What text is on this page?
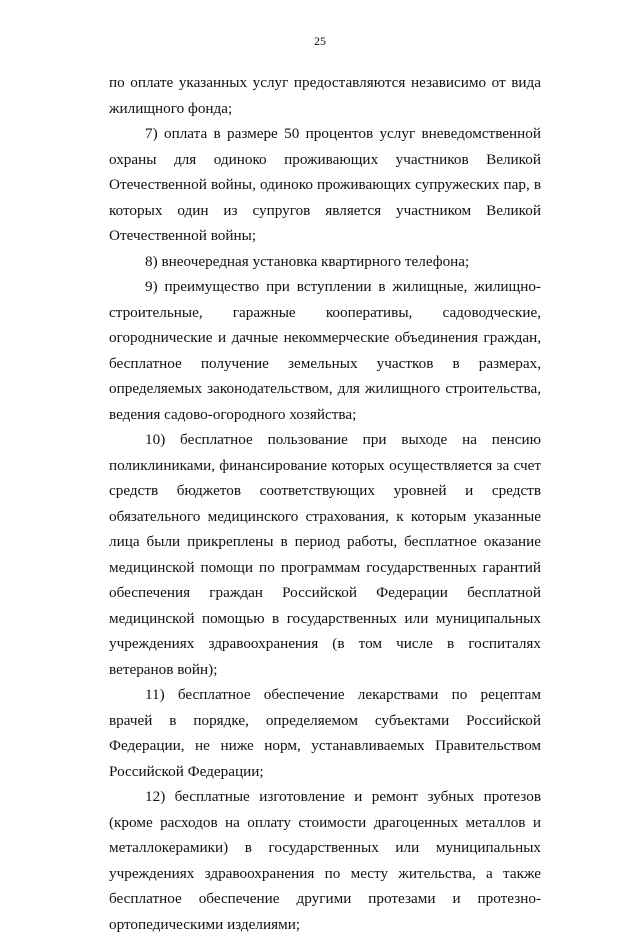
25

по оплате указанных услуг предоставляются независимо от вида жилищного фонда;

7) оплата в размере 50 процентов услуг вневедомственной охраны для одиноко проживающих участников Великой Отечественной войны, одиноко проживающих супружеских пар, в которых один из супругов является участником Великой Отечественной войны;

8) внеочередная установка квартирного телефона;

9) преимущество при вступлении в жилищные, жилищно-строительные, гаражные кооперативы, садоводческие, огороднические и дачные некоммерческие объединения граждан, бесплатное получение земельных участков в размерах, определяемых законодательством, для жилищного строительства, ведения садово-огородного хозяйства;

10) бесплатное пользование при выходе на пенсию поликлиниками, финансирование которых осуществляется за счет средств бюджетов соответствующих уровней и средств обязательного медицинского страхования, к которым указанные лица были прикреплены в период работы, бесплатное оказание медицинской помощи по программам государственных гарантий обеспечения граждан Российской Федерации бесплатной медицинской помощью в государственных или муниципальных учреждениях здравоохранения (в том числе в госпиталях ветеранов войн);

11) бесплатное обеспечение лекарствами по рецептам врачей в порядке, определяемом субъектами Российской Федерации, не ниже норм, устанавливаемых Правительством Российской Федерации;

12) бесплатные изготовление и ремонт зубных протезов (кроме расходов на оплату стоимости драгоценных металлов и металлокерамики) в государственных или муниципальных учреждениях здравоохранения по месту жительства, а также бесплатное обеспечение другими протезами и протезно-ортопедическими изделиями;
